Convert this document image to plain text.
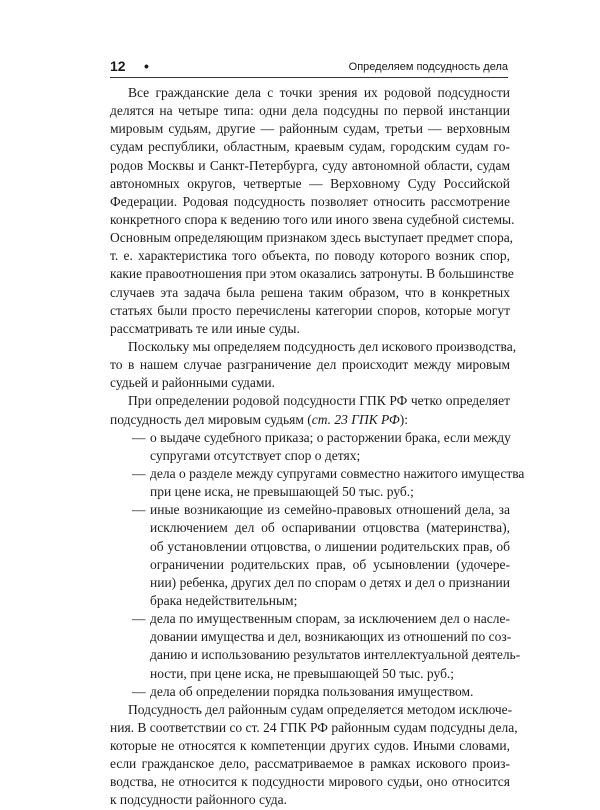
12 •	Определяем подсудность дела
Все гражданские дела с точки зрения их родовой подсудности
делятся на четыре типа: одни дела подсудны по первой инстанции
мировым судьям, другие — районным судам, третьи — верховным
судам республики, областным, краевым судам, городским судам го-
родов Москвы и Санкт-Петербурга, суду автономной области, судам
автономных округов, четвертые — Верховному Суду Российской
Федерации. Родовая подсудность позволяет относить рассмотрение
конкретного спора к ведению того или иного звена судебной системы.
Основным определяющим признаком здесь выступает предмет спора,
т. е. характеристика того объекта, по поводу которого возник спор,
какие правоотношения при этом оказались затронуты. В большинстве
случаев эта задача была решена таким образом, что в конкретных
статьях были просто перечислены категории споров, которые могут
рассматривать те или иные суды.
Поскольку мы определяем подсудность дел искового производства,
то в нашем случае разграничение дел происходит между мировым
судьей и районными судами.
При определении родовой подсудности ГПК РФ четко определяет
подсудность дел мировым судьям (ст. 23 ГПК РФ):
— о выдаче судебного приказа; о расторжении брака, если между
супругами отсутствует спор о детях;
— дела о разделе между супругами совместно нажитого имущества
при цене иска, не превышающей 50 тыс. руб.;
— иные возникающие из семейно-правовых отношений дела, за
исключением дел об оспаривании отцовства (материнства),
об установлении отцовства, о лишении родительских прав, об
ограничении родительских прав, об усыновлении (удочере-
нии) ребенка, других дел по спорам о детях и дел о признании
брака недействительным;
— дела по имущественным спорам, за исключением дел о насле-
довании имущества и дел, возникающих из отношений по соз-
данию и использованию результатов интеллектуальной деятель-
ности, при цене иска, не превышающей 50 тыс. руб.;
— дела об определении порядка пользования имуществом.
Подсудность дел районным судам определяется методом исключе-
ния. В соответствии со ст. 24 ГПК РФ районным судам подсудны дела,
которые не относятся к компетенции других судов. Иными словами,
если гражданское дело, рассматриваемое в рамках искового произ-
водства, не относится к подсудности мирового судьи, оно относится
к подсудности районного суда.
